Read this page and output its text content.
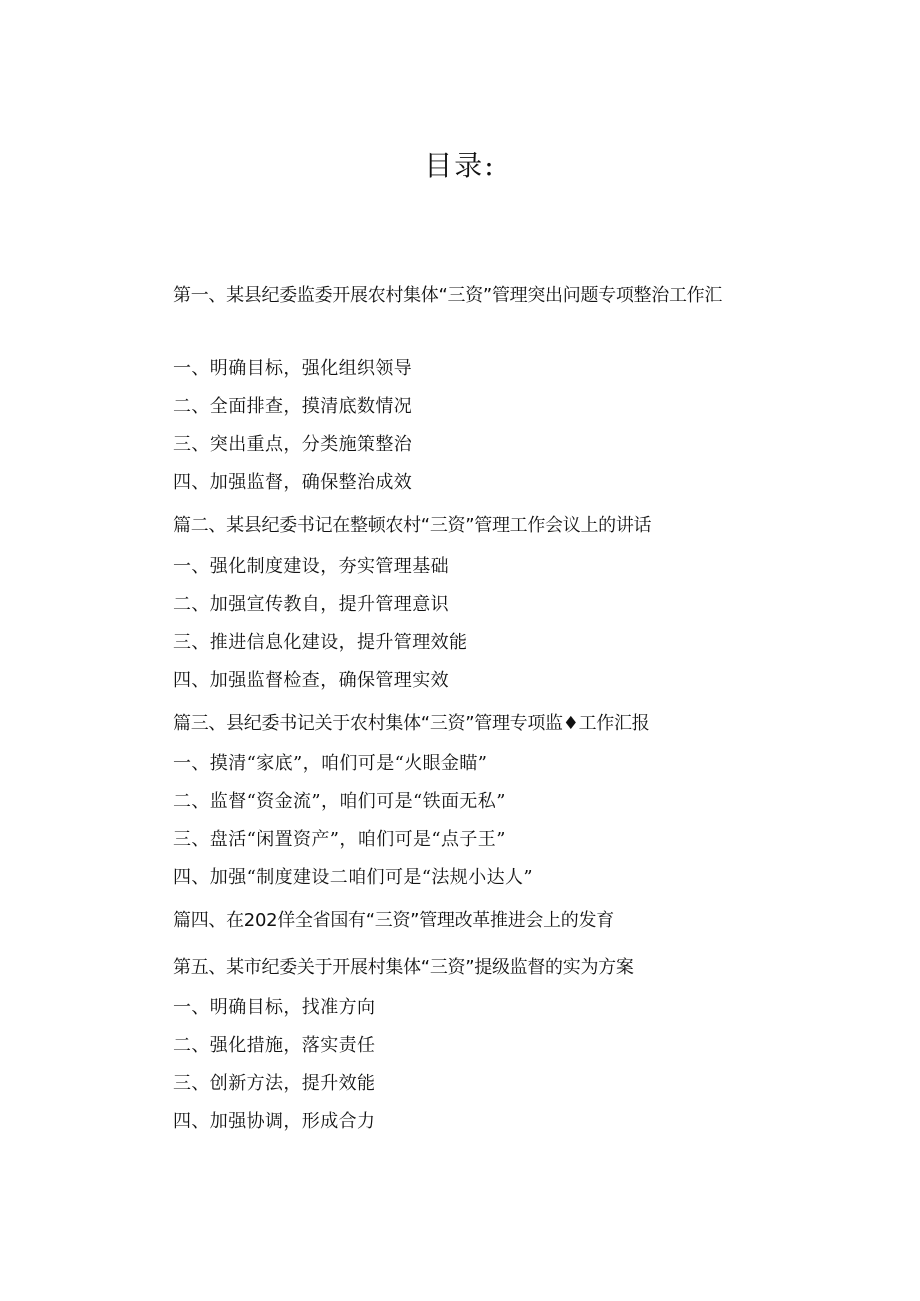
目录:
第一、某县纪委监委开展农村集体“三资”管理突出问题专项整治工作汇
一、明确目标，强化组织领导
二、全面排查，摸清底数情况
三、突出重点，分类施策整治
四、加强监督，确保整治成效
篇二、某县纪委书记在整顿农村“三资”管理工作会议上的讲话
一、强化制度建设，夯实管理基础
二、加强宣传教自，提升管理意识
三、推进信息化建设，提升管理效能
四、加强监督检查，确保管理实效
篇三、县纪委书记关于农村集体“三资”管理专项监♦工作汇报
一、摸清“家底”，咱们可是“火眼金瞄”
二、监督“资金流”，咱们可是“铁面无私”
三、盘活“闲置资产”，咱们可是“点子王”
四、加强“制度建设二咱们可是“法规小达人”
篇四、在202佯全省国有“三资”管理改革推进会上的发育
第五、某市纪委关于开展村集体“三资”提级监督的实为方案
一、明确目标，找准方向
二、强化措施，落实责任
三、创新方法，提升效能
四、加强协调，形成合力
